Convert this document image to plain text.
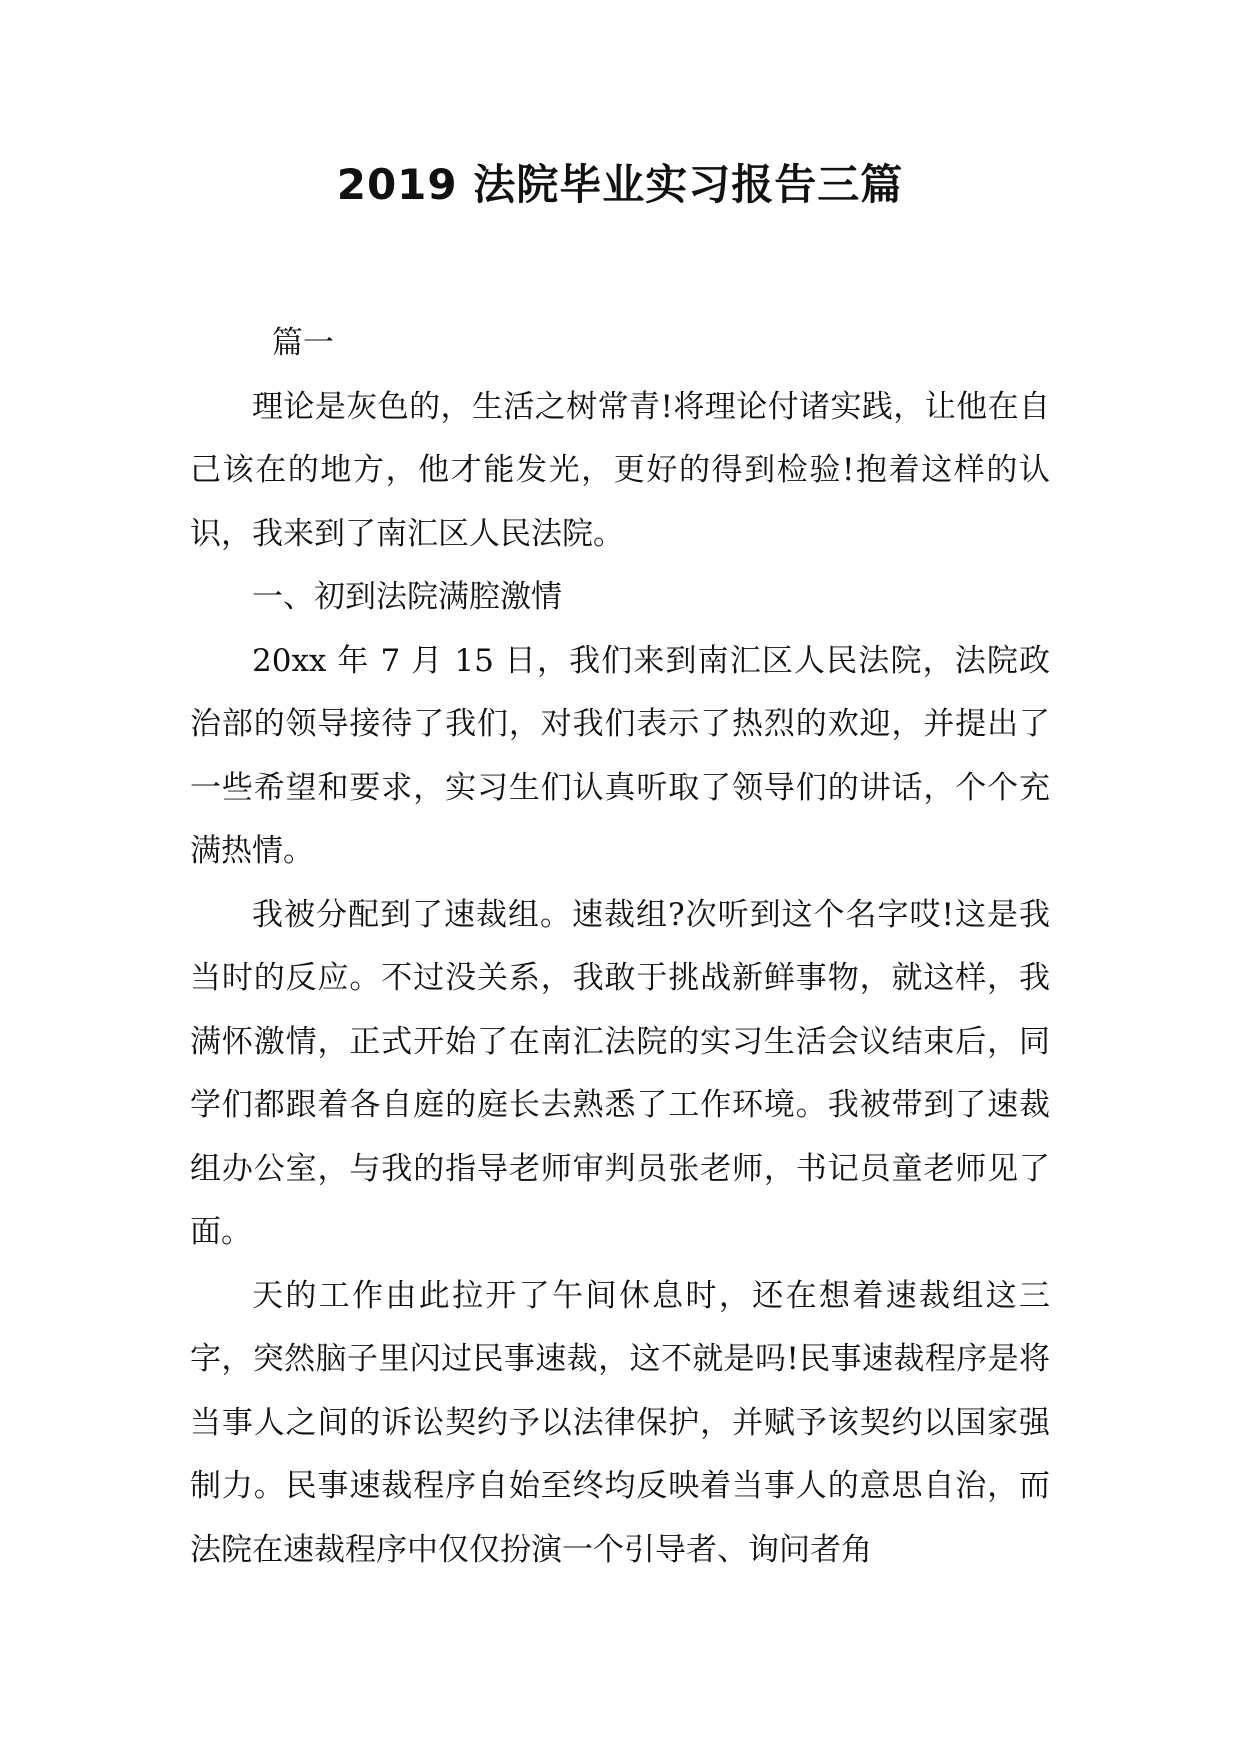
2019 法院毕业实习报告三篇

篇一

理论是灰色的，生活之树常青!将理论付诸实践，让他在自己该在的地方，他才能发光，更好的得到检验!抱着这样的认识，我来到了南汇区人民法院。

一、初到法院满腔激情

20xx 年 7 月 15 日，我们来到南汇区人民法院，法院政治部的领导接待了我们，对我们表示了热烈的欢迎，并提出了一些希望和要求，实习生们认真听取了领导们的讲话，个个充满热情。

我被分配到了速裁组。速裁组?次听到这个名字哎!这是我当时的反应。不过没关系，我敢于挑战新鲜事物，就这样，我满怀激情，正式开始了在南汇法院的实习生活会议结束后，同学们都跟着各自庭的庭长去熟悉了工作环境。我被带到了速裁组办公室，与我的指导老师审判员张老师，书记员童老师见了面。

天的工作由此拉开了午间休息时，还在想着速裁组这三字，突然脑子里闪过民事速裁，这不就是吗!民事速裁程序是将当事人之间的诉讼契约予以法律保护，并赋予该契约以国家强制力。民事速裁程序自始至终均反映着当事人的意思自治，而法院在速裁程序中仅仅扮演一个引导者、询问者角
